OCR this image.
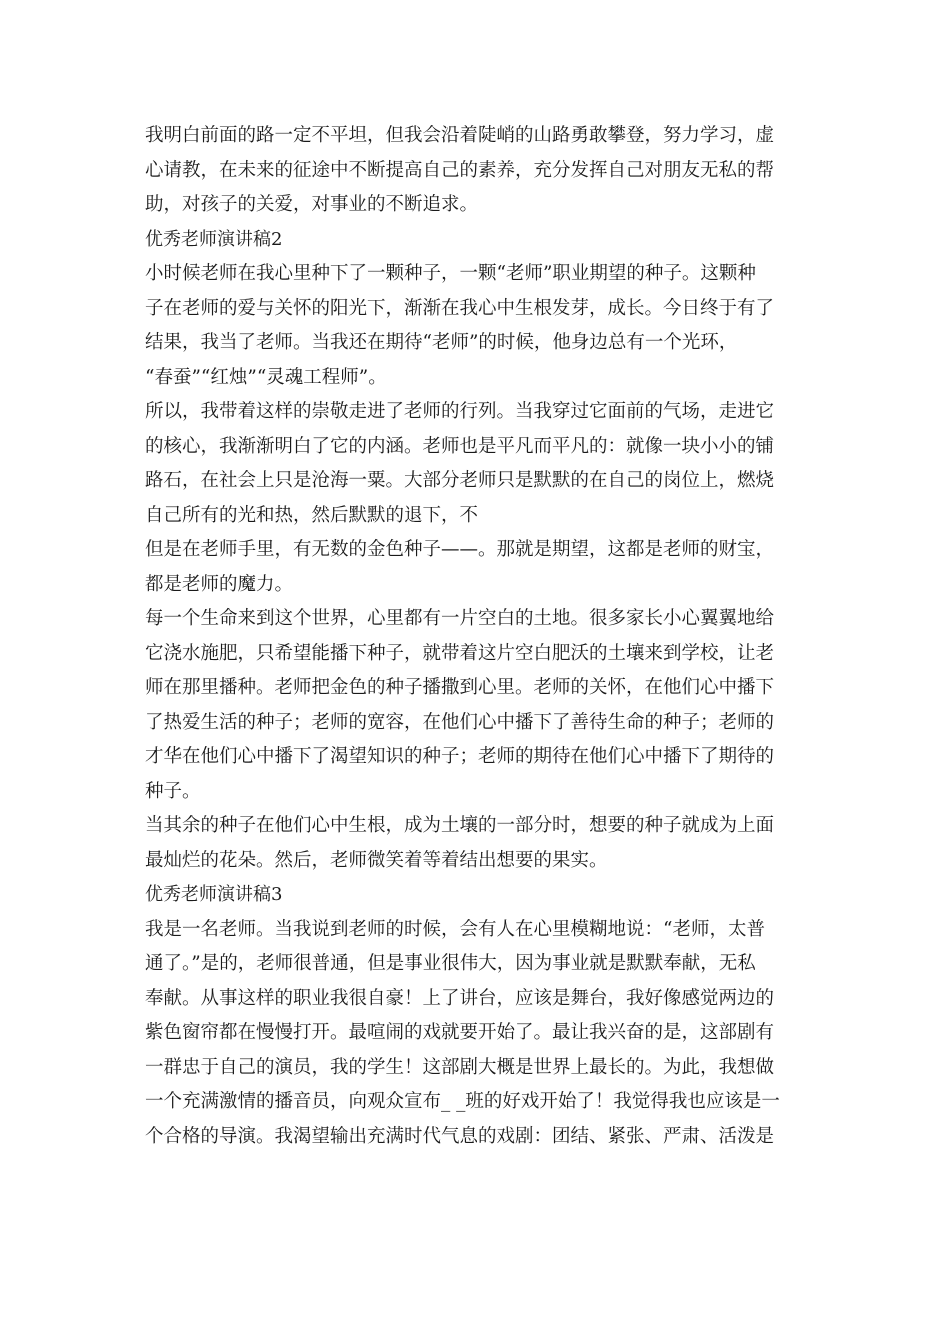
我明白前面的路一定不平坦，但我会沿着陡峭的山路勇敢攀登，努力学习，虚
心请教，在未来的征途中不断提高自己的素养，充分发挥自己对朋友无私的帮
助，对孩子的关爱，对事业的不断追求。
优秀老师演讲稿2
小时候老师在我心里种下了一颗种子，一颗“老师”职业期望的种子。这颗种
子在老师的爱与关怀的阳光下，渐渐在我心中生根发芽，成长。今日终于有了
结果，我当了老师。当我还在期待“老师”的时候，他身边总有一个光环，
“春蚕”“红烛”“灵魂工程师”。
所以，我带着这样的崇敬走进了老师的行列。当我穿过它面前的气场，走进它
的核心，我渐渐明白了它的内涵。老师也是平凡而平凡的：就像一块小小的铺
路石，在社会上只是沧海一粟。大部分老师只是默默的在自己的岗位上，燃烧
自己所有的光和热，然后默默的退下，不
但是在老师手里，有无数的金色种子——。那就是期望，这都是老师的财宝，
都是老师的魔力。
每一个生命来到这个世界，心里都有一片空白的土地。很多家长小心翼翼地给
它浇水施肥，只希望能播下种子，就带着这片空白肥沃的土壤来到学校，让老
师在那里播种。老师把金色的种子播撒到心里。老师的关怀，在他们心中播下
了热爱生活的种子；老师的宽容，在他们心中播下了善待生命的种子；老师的
才华在他们心中播下了渴望知识的种子；老师的期待在他们心中播下了期待的
种子。
当其余的种子在他们心中生根，成为土壤的一部分时，想要的种子就成为上面
最灿烂的花朵。然后，老师微笑着等着结出想要的果实。
优秀老师演讲稿3
我是一名老师。当我说到老师的时候，会有人在心里模糊地说：“老师，太普
通了。”是的，老师很普通，但是事业很伟大，因为事业就是默默奉献，无私
奉献。从事这样的职业我很自豪！上了讲台，应该是舞台，我好像感觉两边的
紫色窗帘都在慢慢打开。最喧闹的戏就要开始了。最让我兴奋的是，这部剧有
一群忠于自己的演员，我的学生！这部剧大概是世界上最长的。为此，我想做
一个充满激情的播音员，向观众宣布_ _班的好戏开始了！我觉得我也应该是一
个合格的导演。我渴望输出充满时代气息的戏剧：团结、紧张、严肃、活泼是
